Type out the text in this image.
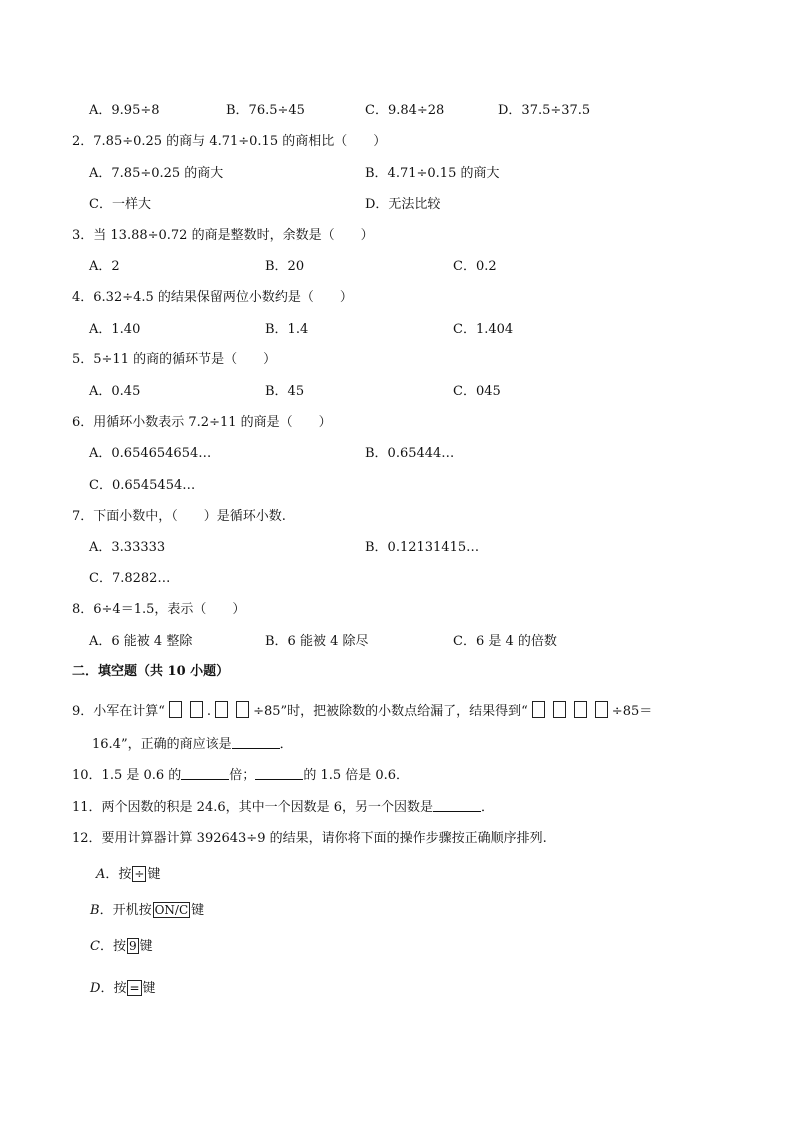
A．9.95÷8	B．76.5÷45	C．9.84÷28	D．37.5÷37.5
2．7.85÷0.25 的商与 4.71÷0.15 的商相比（　　）
A．7.85÷0.25 的商大	B．4.71÷0.15 的商大
C．一样大	D．无法比较
3．当 13.88÷0.72 的商是整数时，余数是（　　）
A．2	B．20	C．0.2
4．6.32÷4.5 的结果保留两位小数约是（　　）
A．1.40	B．1.4	C．1.404
5．5÷11 的商的循环节是（　　）
A．0.45	B．45	C．045
6．用循环小数表示 7.2÷11 的商是（　　）
A．0.654654654…	B．0.65444…
C．0.6545454…
7．下面小数中，（　　）是循环小数.
A．3.33333	B．0.12131415…
C．7.8282…
8．6÷4＝1.5，表示（　　）
A．6 能被 4 整除	B．6 能被 4 除尽	C．6 是 4 的倍数
二．填空题（共 10 小题）
9．小军在计算“	.	÷85”时，把被除数的小数点给漏了，结果得到“	÷85＝
16.4”，正确的商应该是	．
10．1.5 是 0.6 的	倍；	的 1.5 倍是 0.6．
11．两个因数的积是 24.6，其中一个因数是 6，另一个因数是	．
12．要用计算器计算 392643÷9 的结果，请你将下面的操作步骤按正确顺序排列.
A．按 ÷ 键
B．开机按 ON/C 键
C．按 9 键
D．按 = 键
